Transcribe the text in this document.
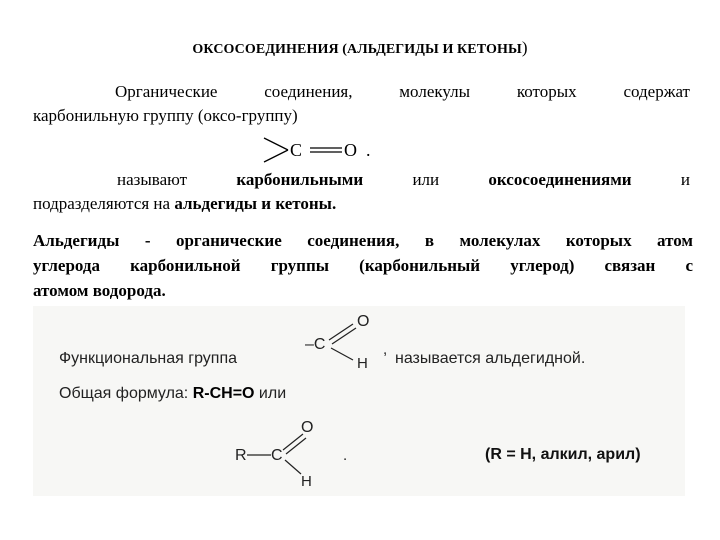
ОКСОСОЕДИНЕНИЯ (АЛЬДЕГИДЫ И КЕТОНЫ)
Органические соединения, молекулы которых содержат
карбонильную группу (оксо-группу)
C O .
называют карбонильными или оксосоединениями и
подразделяются на альдегиды и кетоны.
Альдегиды - органические соединения, в молекулах которых атом
углерода карбонильной группы (карбонильный углерод) связан с
атомом водорода.
Функциональная группа
–C
O
H
,
называется альдегидной.
Общая формула: R-CH=O или
R C
O
H
.	(R = H, алкил, арил)
